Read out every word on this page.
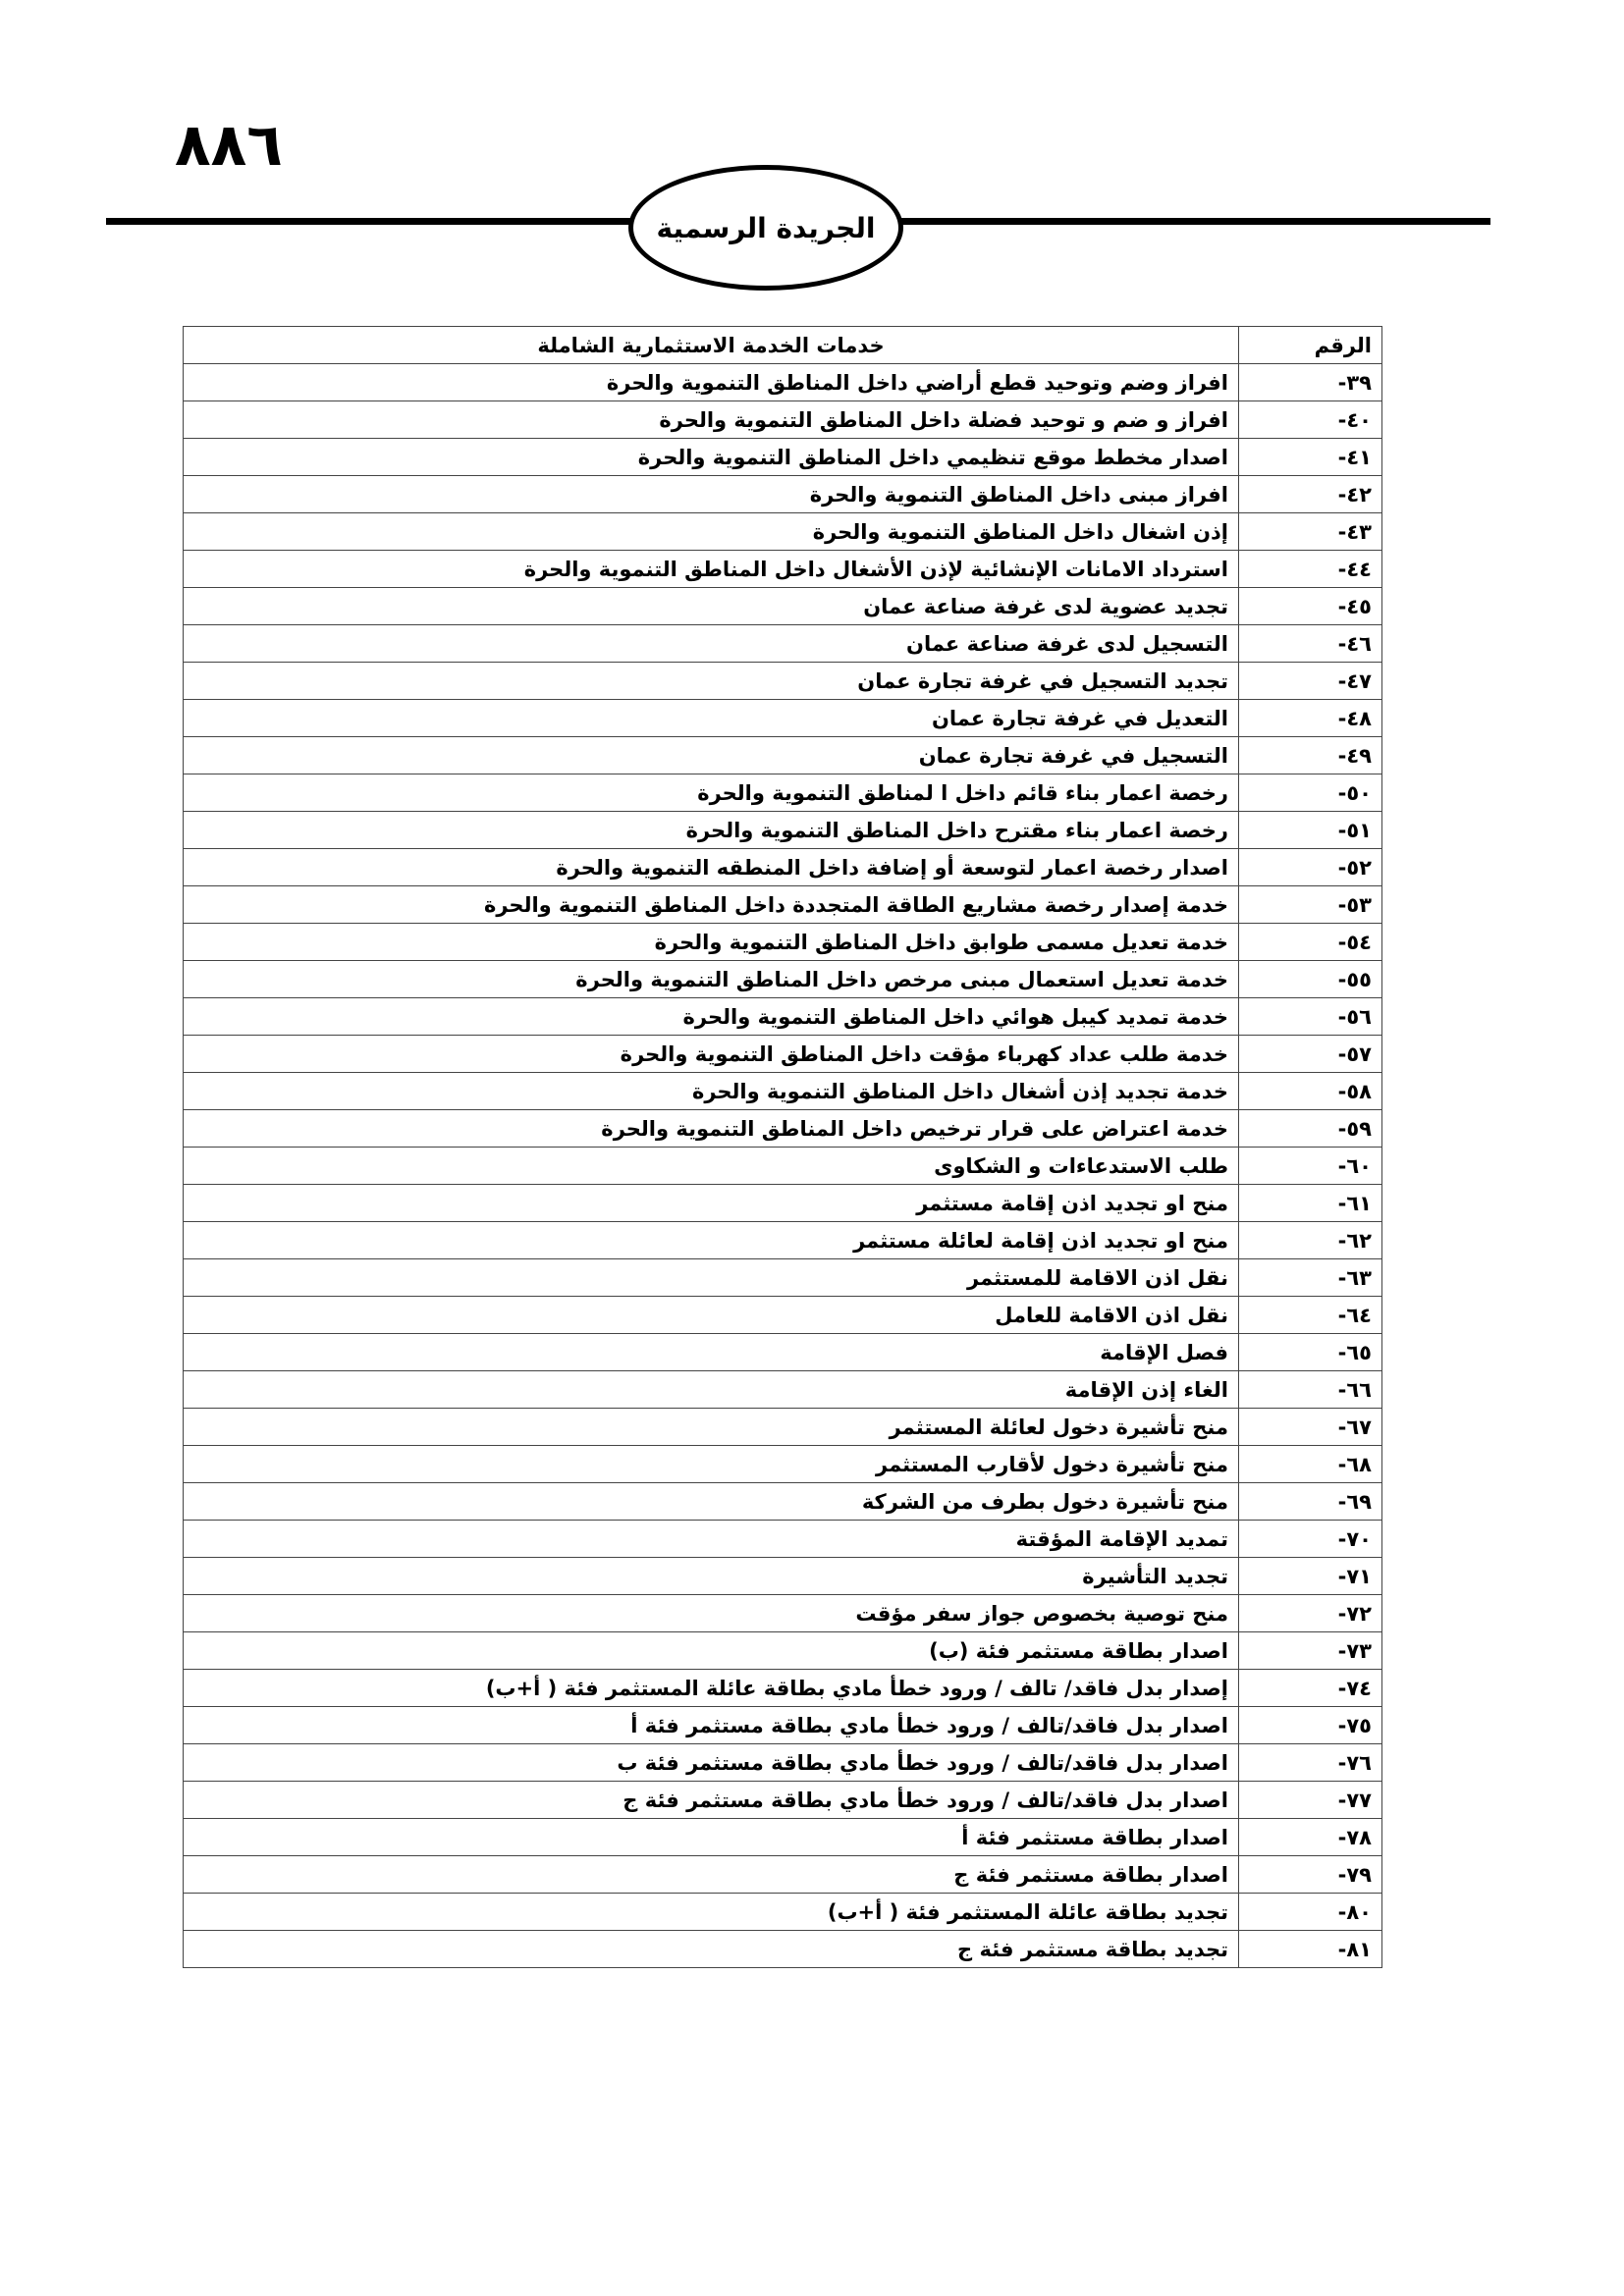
٨٨٦
الجريدة الرسمية
الرقم	خدمات الخدمة الاستثمارية الشاملة
٣٩-	افراز وضم وتوحيد قطع أراضي داخل المناطق التنموية والحرة
٤٠-	افراز و ضم و توحيد فضلة داخل المناطق التنموية والحرة
٤١-	اصدار مخطط موقع تنظيمي داخل المناطق التنموية والحرة
٤٢-	افراز مبنى داخل المناطق التنموية والحرة
٤٣-	إذن اشغال داخل المناطق التنموية والحرة
٤٤-	استرداد الامانات الإنشائية لإذن الأشغال داخل المناطق التنموية والحرة
٤٥-	تجديد عضوية لدى غرفة صناعة عمان
٤٦-	التسجيل لدى غرفة صناعة عمان
٤٧-	تجديد التسجيل في غرفة تجارة عمان
٤٨-	التعديل في غرفة تجارة عمان
٤٩-	التسجيل في غرفة تجارة عمان
٥٠-	رخصة اعمار بناء قائم داخل ا لمناطق التنموية والحرة
٥١-	رخصة اعمار بناء مقترح داخل المناطق التنموية والحرة
٥٢-	اصدار رخصة اعمار لتوسعة أو إضافة داخل المنطقه التنموية والحرة
٥٣-	خدمة إصدار رخصة مشاريع الطاقة المتجددة داخل المناطق التنموية والحرة
٥٤-	خدمة تعديل مسمى طوابق داخل المناطق التنموية والحرة
٥٥-	خدمة تعديل استعمال مبنى مرخص داخل المناطق التنموية والحرة
٥٦-	خدمة تمديد كيبل هوائي داخل المناطق التنموية والحرة
٥٧-	خدمة طلب عداد كهرباء مؤقت داخل المناطق التنموية والحرة
٥٨-	خدمة تجديد إذن أشغال داخل المناطق التنموية والحرة
٥٩-	خدمة اعتراض على قرار ترخيص داخل المناطق التنموية والحرة
٦٠-	طلب الاستدعاءات و الشكاوى
٦١-	منح او تجديد اذن إقامة مستثمر
٦٢-	منح او تجديد اذن إقامة لعائلة مستثمر
٦٣-	نقل اذن الاقامة للمستثمر
٦٤-	نقل اذن الاقامة للعامل
٦٥-	فصل الإقامة
٦٦-	الغاء إذن الإقامة
٦٧-	منح تأشيرة دخول لعائلة المستثمر
٦٨-	منح تأشيرة دخول لأقارب المستثمر
٦٩-	منح تأشيرة دخول بطرف من الشركة
٧٠-	تمديد الإقامة المؤقتة
٧١-	تجديد التأشيرة
٧٢-	منح توصية بخصوص جواز سفر مؤقت
٧٣-	اصدار بطاقة مستثمر فئة (ب)
٧٤-	إصدار بدل فاقد/ تالف / ورود خطأ مادي بطاقة عائلة المستثمر فئة ( أ+ب)
٧٥-	اصدار بدل فاقد/تالف / ورود خطأ مادي بطاقة مستثمر فئة أ
٧٦-	اصدار بدل فاقد/تالف / ورود خطأ مادي بطاقة مستثمر فئة ب
٧٧-	اصدار بدل فاقد/تالف / ورود خطأ مادي بطاقة مستثمر فئة ج
٧٨-	اصدار بطاقة مستثمر فئة أ
٧٩-	اصدار بطاقة مستثمر فئة ج
٨٠-	تجديد بطاقة عائلة المستثمر فئة ( أ+ب)
٨١-	تجديد بطاقة مستثمر فئة ج
